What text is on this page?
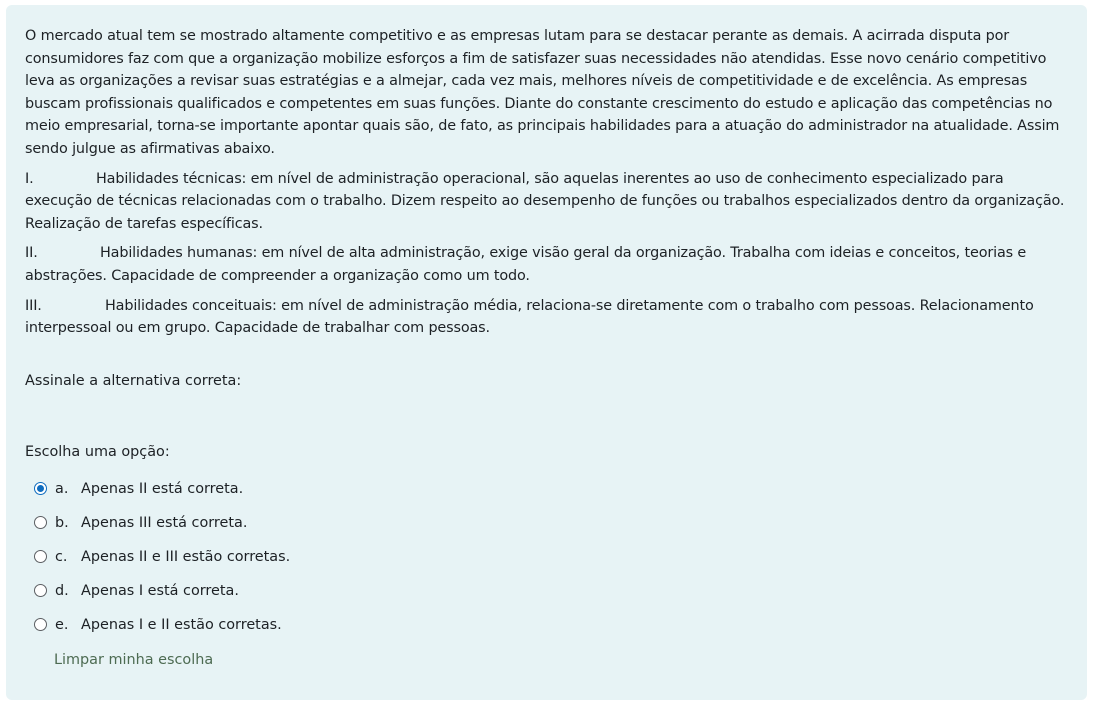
O mercado atual tem se mostrado altamente competitivo e as empresas lutam para se destacar perante as demais. A acirrada disputa por consumidores faz com que a organização mobilize esforços a fim de satisfazer suas necessidades não atendidas. Esse novo cenário competitivo leva as organizações a revisar suas estratégias e a almejar, cada vez mais, melhores níveis de competitividade e de excelência. As empresas buscam profissionais qualificados e competentes em suas funções. Diante do constante crescimento do estudo e aplicação das competências no meio empresarial, torna-se importante apontar quais são, de fato, as principais habilidades para a atuação do administrador na atualidade. Assim sendo julgue as afirmativas abaixo.

I.	Habilidades técnicas: em nível de administração operacional, são aquelas inerentes ao uso de conhecimento especializado para execução de técnicas relacionadas com o trabalho. Dizem respeito ao desempenho de funções ou trabalhos especializados dentro da organização. Realização de tarefas específicas.
II.	Habilidades humanas: em nível de alta administração, exige visão geral da organização. Trabalha com ideias e conceitos, teorias e abstrações. Capacidade de compreender a organização como um todo.
III.	Habilidades conceituais: em nível de administração média, relaciona-se diretamente com o trabalho com pessoas. Relacionamento interpessoal ou em grupo. Capacidade de trabalhar com pessoas.
Assinale a alternativa correta:
Escolha uma opção:
a. Apenas II está correta.
b. Apenas III está correta.
c. Apenas II e III estão corretas.
d. Apenas I está correta.
e. Apenas I e II estão corretas.
Limpar minha escolha
